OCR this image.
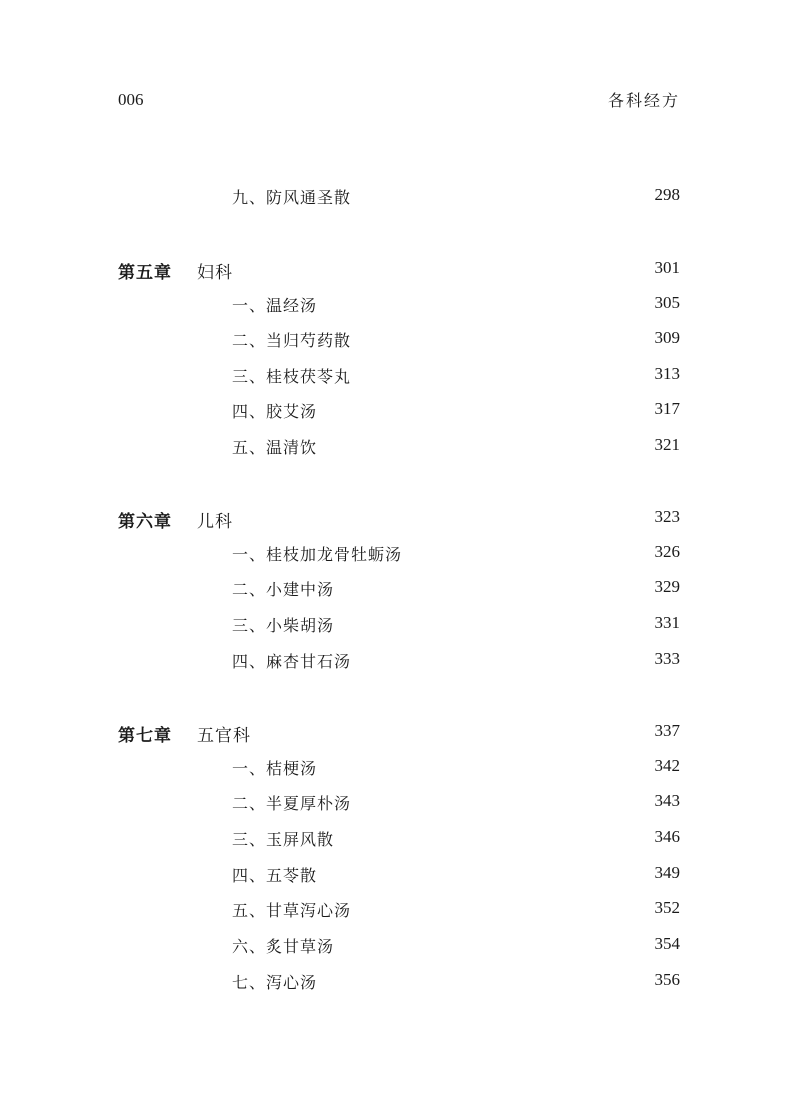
006	各科经方
九、防风通圣散	298
第五章 妇科	301
一、温经汤	305
二、当归芍药散	309
三、桂枝茯苓丸	313
四、胶艾汤	317
五、温清饮	321
第六章 儿科	323
一、桂枝加龙骨牡蛎汤	326
二、小建中汤	329
三、小柴胡汤	331
四、麻杏甘石汤	333
第七章 五官科	337
一、桔梗汤	342
二、半夏厚朴汤	343
三、玉屏风散	346
四、五苓散	349
五、甘草泻心汤	352
六、炙甘草汤	354
七、泻心汤	356
